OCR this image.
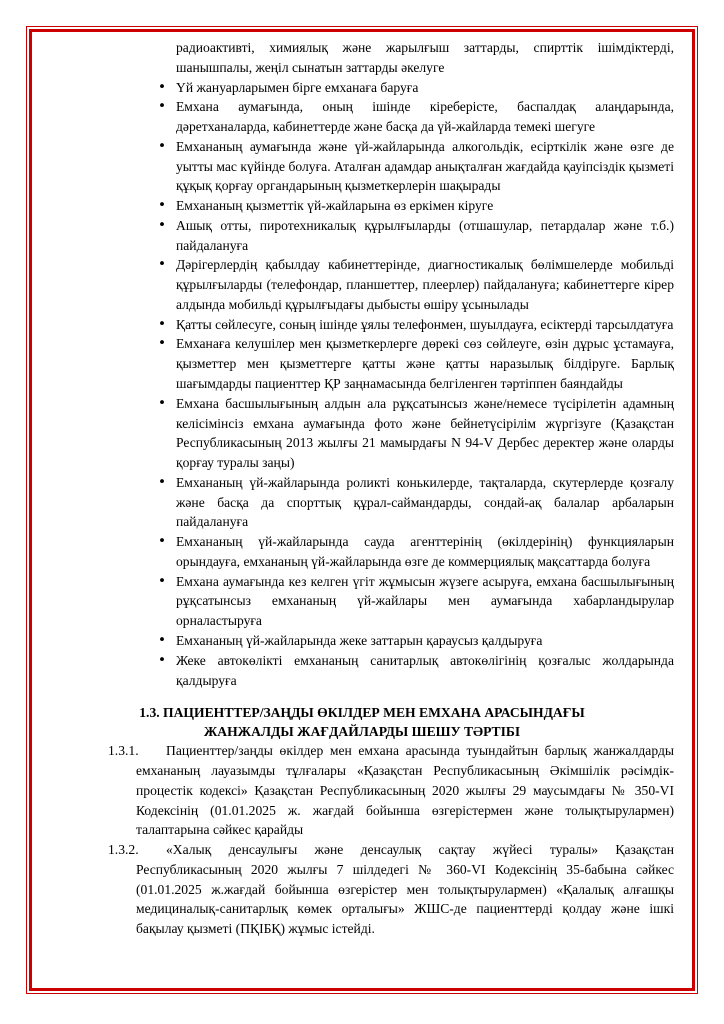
радиоактивті, химиялық және жарылғыш заттарды, спирттік ішімдіктерді, шанышпалы, жеңіл сынатын заттарды әкелуге

• Үй жануарларымен бірге емханаға баруға
• Емхана аумағында, оның ішінде кіреберісте, баспалдақ алаңдарында, дәретханаларда, кабинеттерде және басқа да үй-жайларда темекі шегуге
• Емхананың аумағында және үй-жайларында алкогольдік, есірткілік және өзге де уытты мас күйінде болуға. Аталған адамдар анықталған жағдайда қауіпсіздік қызметі құқық қорғау органдарының қызметкерлерін шақырады
• Емхананың қызметтік үй-жайларына өз еркімен кіруге
• Ашық отты, пиротехникалық құрылғыларды (отшашулар, петардалар және т.б.) пайдалануға
• Дәрігерлердің қабылдау кабинеттерінде, диагностикалық бөлімшелерде мобильді құрылғыларды (телефондар, планшеттер, плеерлер) пайдалануға; кабинеттерге кірер алдында мобильді құрылғыдағы дыбысты өшіру ұсынылады
• Қатты сөйлесуге, соның ішінде ұялы телефонмен, шуылдауға, есіктерді тарсылдатуға
• Емханаға келушілер мен қызметкерлерге дөрекі сөз сөйлеуге, өзін дұрыс ұстамауға, қызметтер мен қызметтерге қатты және қатты наразылық білдіруге. Барлық шағымдарды пациенттер ҚР заңнамасында белгіленген тәртіппен баяндайды
• Емхана басшылығының алдын ала рұқсатынсыз және/немесе түсірілетін адамның келісімінсіз емхана аумағында фото және бейнетүсірілім жүргізуге (Қазақстан Республикасының 2013 жылғы 21 мамырдағы N 94-V Дербес деректер және оларды қорғау туралы заңы)
• Емхананың үй-жайларында роликті конькилерде, тақталарда, скутерлерде қозғалу және басқа да спорттық құрал-саймандарды, сондай-ақ балалар арбаларын пайдалануға
• Емхананың үй-жайларында сауда агенттерінің (өкілдерінің) функцияларын орындауға, емхананың үй-жайларында өзге де коммерциялық мақсаттарда болуға
• Емхана аумағында кез келген үгіт жұмысын жүзеге асыруға, емхана басшылығының рұқсатынсыз емхананың үй-жайлары мен аумағында хабарландырулар орналастыруға
• Емхананың үй-жайларында жеке заттарын қараусыз қалдыруға
• Жеке автокөлікті емхананың санитарлық автокөлігінің қозғалыс жолдарында қалдыруға
1.3. ПАЦИЕНТТЕР/ЗАҢДЫ ӨКІЛДЕР МЕН ЕМХАНА АРАСЫНДАҒЫ
ЖАНЖАЛДЫ ЖАҒДАЙЛАРДЫ ШЕШУ ТӘРТІБІ

1.3.1. Пациенттер/заңды өкілдер мен емхана арасында туындайтын барлық жанжалдарды емхананың лауазымды тұлғалары «Қазақстан Республикасының Әкімшілік рәсімдік-процестік кодексі» Қазақстан Республикасының 2020 жылғы 29 маусымдағы № 350-VI Кодексінің (01.01.2025 ж. жағдай бойынша өзгерістермен және толықтырулармен) талаптарына сәйкес қарайды

1.3.2. «Халық денсаулығы және денсаулық сақтау жүйесі туралы» Қазақстан Республикасының 2020 жылғы 7 шілдедегі № 360-VI Кодексінің 35-бабына сәйкес (01.01.2025 ж.жағдай бойынша өзгерістер мен толықтырулармен) «Қалалық алғашқы медициналық-санитарлық көмек орталығы» ЖШС-де пациенттерді қолдау және ішкі бақылау қызметі (ПҚІБҚ) жұмыс істейді.
